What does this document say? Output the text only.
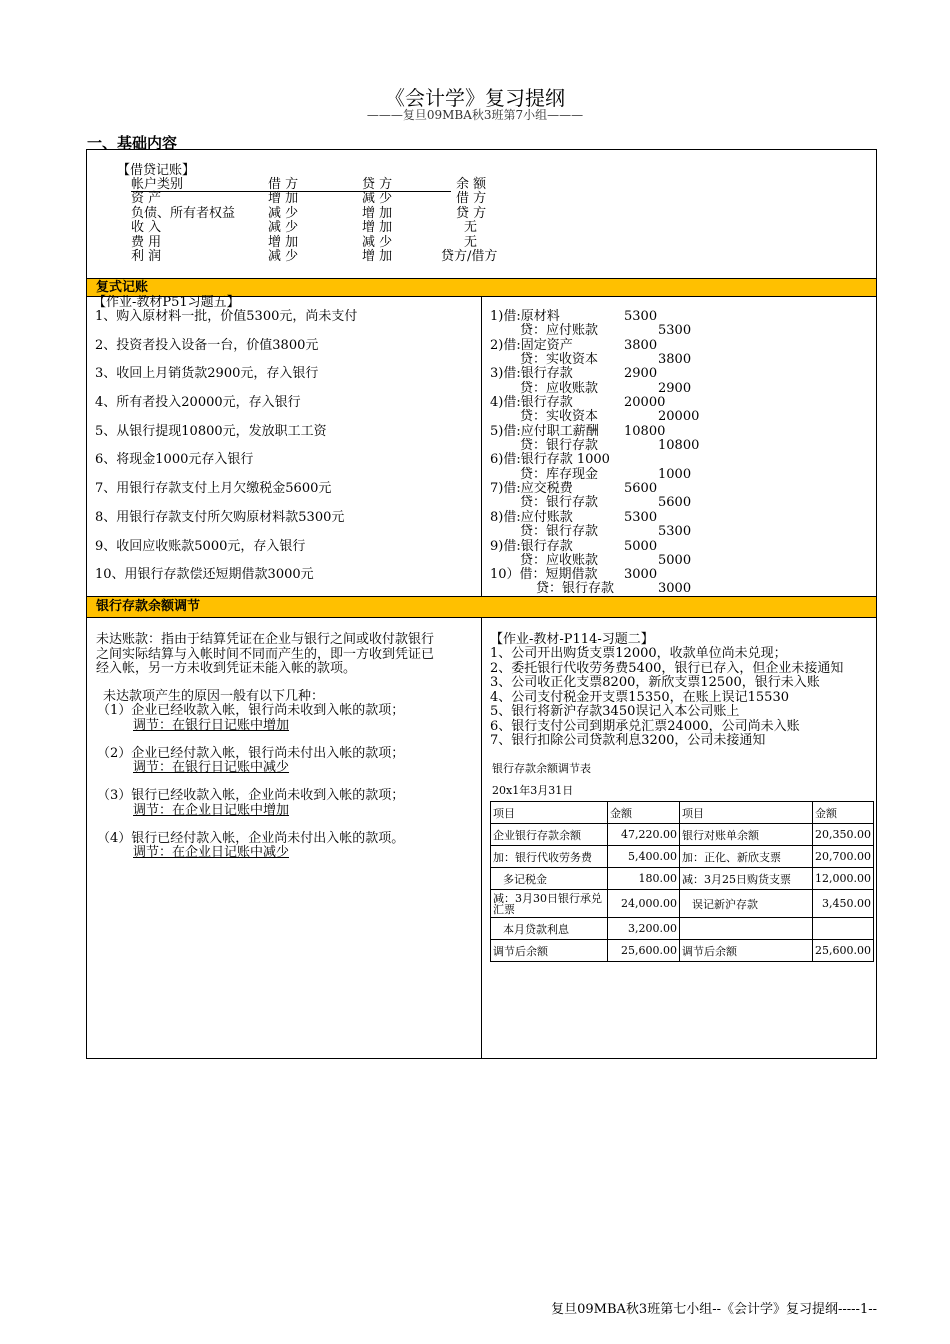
《会计学》复习提纲
———复旦09MBA秋3班第7小组———
一、基础内容
【借贷记账】
帐户类别	借 方	贷 方	余 额
资 产	增 加	减 少	借 方
负债、所有者权益	减 少	增 加	贷 方
收 入	减 少	增 加	无
费 用	增 加	减 少	无
利 润	减 少	增 加	贷方/借方
复式记账
【作业-教材P51习题五】
1、购入原材料一批，价值5300元，尚未支付
2、投资者投入设备一台，价值3800元
3、收回上月销货款2900元，存入银行
4、所有者投入20000元，存入银行
5、从银行提现10800元，发放职工工资
6、将现金1000元存入银行
7、用银行存款支付上月欠缴税金5600元
8、用银行存款支付所欠购原材料款5300元
9、收回应收账款5000元，存入银行
10、用银行存款偿还短期借款3000元
1)借:原材料	5300
贷：应付账款	5300
2)借:固定资产	3800
贷：实收资本	3800
3)借:银行存款	2900
贷：应收账款	2900
4)借:银行存款	20000
贷：实收资本	20000
5)借:应付职工薪酬 10800
贷：银行存款	10800
6)借:银行存款 1000
贷：库存现金	1000
7)借:应交税费	5600
贷：银行存款	5600
8)借:应付账款	5300
贷：银行存款	5300
9)借:银行存款	5000
贷：应收账款	5000
10）借：短期借款 3000
贷：银行存款	3000
银行存款余额调节
未达账款：指由于结算凭证在企业与银行之间或收付款银行
之间实际结算与入帐时间不同而产生的，即一方收到凭证已
经入帐，另一方未收到凭证未能入帐的款项。
未达款项产生的原因一般有以下几种：
（1）企业已经收款入帐，银行尚未收到入帐的款项；
调节：在银行日记账中增加
（2）企业已经付款入帐，银行尚未付出入帐的款项；
调节：在银行日记账中减少
（3）银行已经收款入帐，企业尚未收到入帐的款项；
调节：在企业日记账中增加
（4）银行已经付款入帐，企业尚未付出入帐的款项。
调节：在企业日记账中减少
【作业-教材-P114-习题二】
1、公司开出购货支票12000，收款单位尚未兑现；
2、委托银行代收劳务费5400，银行已存入，但企业未接通知
3、公司收正化支票8200，新欣支票12500，银行未入账
4、公司支付税金开支票15350，在账上误记15530
5、银行将新沪存款3450误记入本公司账上
6、银行支付公司到期承兑汇票24000，公司尚未入账
7、银行扣除公司贷款利息3200，公司未接通知
银行存款余额调节表
20x1年3月31日
项目	金额	项目	金额
企业银行存款余额	47,220.00	银行对账单余额	20,350.00
加：银行代收劳务费	5,400.00	加：正化、新欣支票	20,700.00
多记税金	180.00	减：3月25日购货支票	12,000.00
减：3月30日银行承兑汇票	24,000.00	误记新沪存款	3,450.00
本月贷款利息	3,200.00		
调节后余额	25,600.00	调节后余额	25,600.00
复旦09MBA秋3班第七小组--《会计学》复习提纲-----1--
